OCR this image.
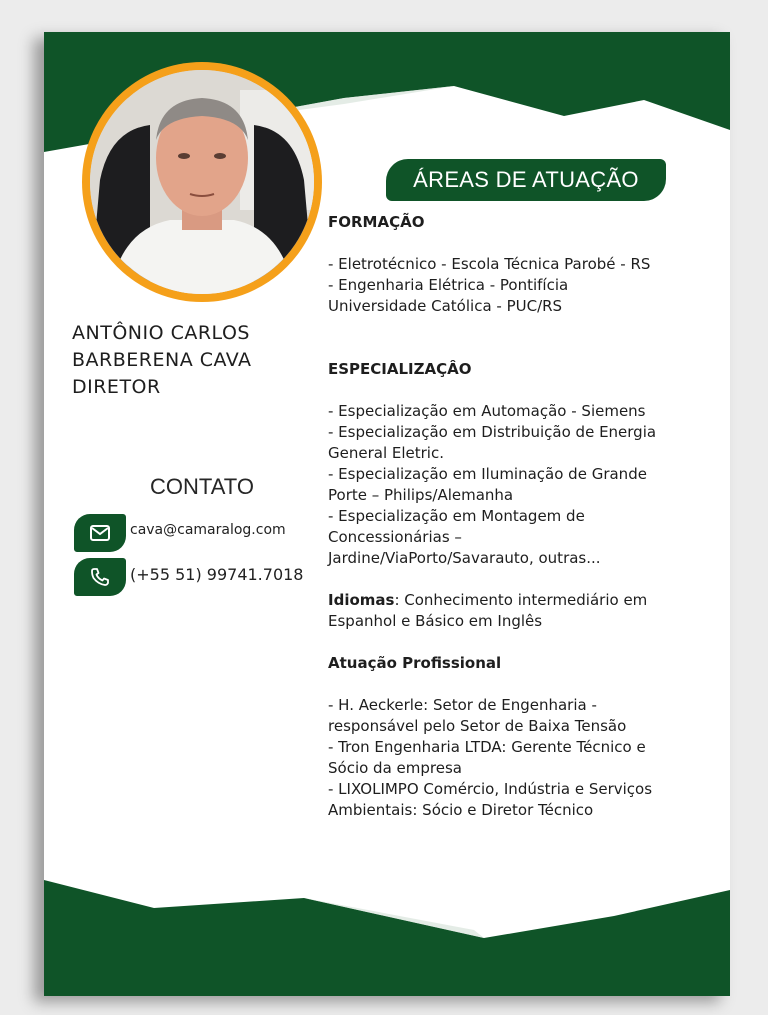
ANTÔNIO CARLOS
BARBERENA CAVA
DIRETOR
CONTATO
cava@camaralog.com
(+55 51) 99741.7018
ÁREAS DE ATUAÇÃO
FORMAÇÃO
- Eletrotécnico - Escola Técnica Parobé - RS
- Engenharia Elétrica - Pontifícia
Universidade Católica - PUC/RS
ESPECIALIZAÇÂO
- Especialização em Automação - Siemens
- Especialização em Distribuição de Energia
General Eletric.
- Especialização em Iluminação de Grande
Porte – Philips/Alemanha
- Especialização em Montagem de
Concessionárias –
Jardine/ViaPorto/Savarauto, outras...
Idiomas: Conhecimento intermediário em
Espanhol e Básico em Inglês
Atuação Profissional
- H. Aeckerle: Setor de Engenharia -
responsável pelo Setor de Baixa Tensão
- Tron Engenharia LTDA: Gerente Técnico e
Sócio da empresa
- LIXOLIMPO Comércio, Indústria e Serviços
Ambientais: Sócio e Diretor Técnico
